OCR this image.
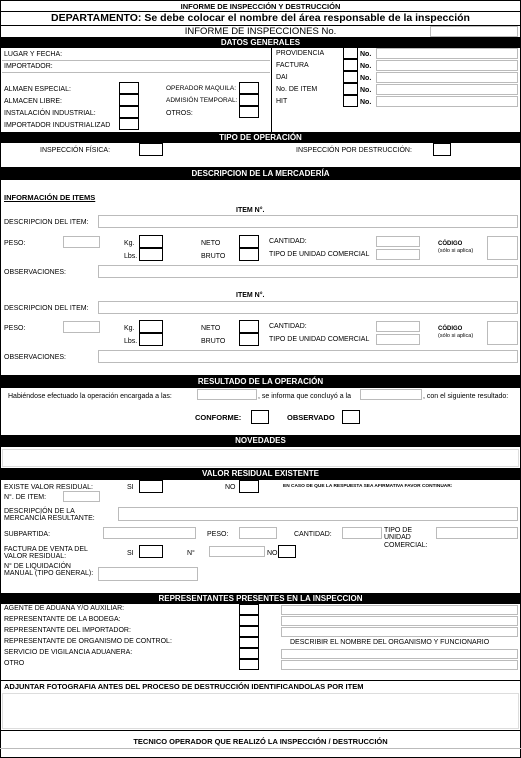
INFORME DE INSPECCIÓN Y DESTRUCCIÓN
DEPARTAMENTO: Se debe colocar el nombre del área responsable de la inspección
INFORME DE INSPECCIONES No.
DATOS GENERALES
LUGAR Y FECHA:
IMPORTADOR:
ALMAEN ESPECIAL:
ALMACEN LIBRE:
INSTALACIÓN INDUSTRIAL:
IMPORTADOR INDUSTRIALIZAD
OPERADOR MAQUILA:
ADMISIÓN TEMPORAL:
OTROS:
PROVIDENCIA	No.
FACTURA	No.
DAI	No.
No. DE ITEM	No.
HIT	No.
TIPO DE OPERACIÓN
INSPECCIÓN FÍSICA:	INSPECCIÓN POR DESTRUCCIÓN:
DESCRIPCION DE LA MERCADERÍA
INFORMACIÓN DE ITEMS
ITEM N°.
DESCRIPCION DEL ITEM:
PESO:	Kg.
Lbs.
NETO
BRUTO
CANTIDAD:
TIPO DE UNIDAD COMERCIAL
CÓDIGO
(sólo si aplica)
OBSERVACIONES:
ITEM N°.
DESCRIPCION DEL ITEM:
PESO:	Kg.
Lbs.
NETO
BRUTO
CANTIDAD:
TIPO DE UNIDAD COMERCIAL
CÓDIGO
(sólo si aplica)
OBSERVACIONES:
RESULTADO DE LA OPERACIÓN
Habiéndose efectuado la operación encargada a las:	, se informa que concluyó a la	, con el siguiente resultado:
CONFORME:	OBSERVADO
NOVEDADES
VALOR RESIDUAL EXISTENTE
EXISTE VALOR RESIDUAL:	SI	NO	EN CASO DE QUE LA RESPUESTA SEA AFIRMATIVA FAVOR CONTINUAR:
N°. DE ITEM:
DESCRIPCIÓN DE LA MERCANCÍA RESULTANTE:
SUBPARTIDA:	PESO:	CANTIDAD:
TIPO DE UNIDAD COMERCIAL:
FACTURA DE VENTA DEL VALOR RESIDUAL:	SI	N°	NO
N° DE LIQUIDACIÓN MANUAL (TIPO GENERAL):
REPRESENTANTES PRESENTES EN LA INSPECCION
AGENTE DE ADUANA Y/O AUXILIAR:
REPRESENTANTE DE LA BODEGA:
REPRESENTANTE DEL IMPORTADOR:
REPRESENTANTE DE ORGANISMO DE CONTROL:
SERVICIO DE VIGILANCIA ADUANERA:
OTRO
DESCRIBIR EL NOMBRE DEL ORGANISMO Y FUNCIONARIO
ADJUNTAR FOTOGRAFIA ANTES DEL PROCESO DE DESTRUCCIÓN IDENTIFICANDOLAS POR ITEM
TECNICO OPERADOR QUE REALIZÓ LA INSPECCIÓN / DESTRUCCIÓN
